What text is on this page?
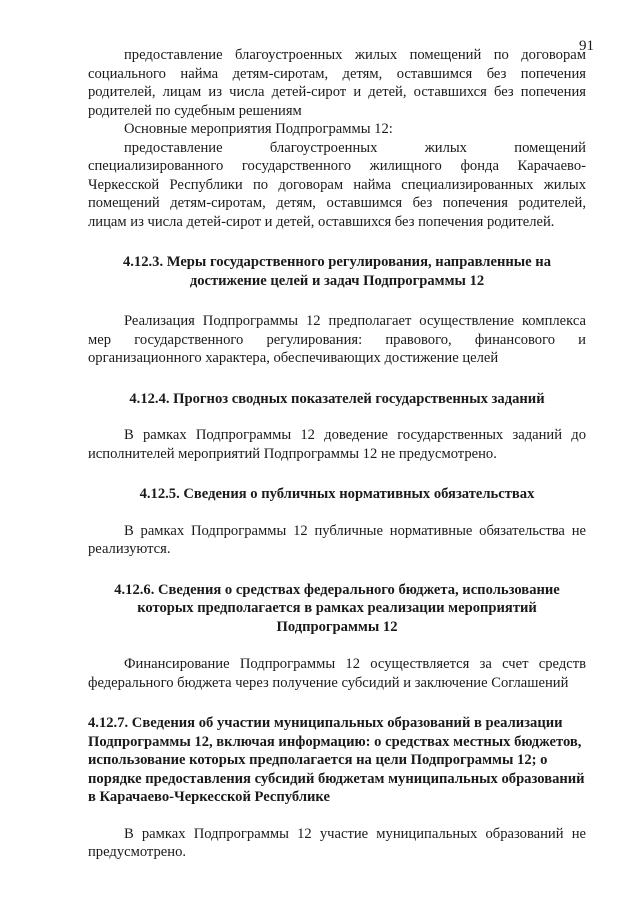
91

предоставление благоустроенных жилых помещений по договорам социального найма детям-сиротам, детям, оставшимся без попечения родителей, лицам из числа детей-сирот и детей, оставшихся без попечения родителей по судебным решениям

Основные мероприятия Подпрограммы 12:

предоставление благоустроенных жилых помещений специализированного государственного жилищного фонда Карачаево-Черкесской Республики по договорам найма специализированных жилых помещений детям-сиротам, детям, оставшимся без попечения родителей, лицам из числа детей-сирот и детей, оставшихся без попечения родителей.

4.12.3. Меры государственного регулирования, направленные на достижение целей и задач Подпрограммы 12

Реализация Подпрограммы 12 предполагает осуществление комплекса мер государственного регулирования: правового, финансового и организационного характера, обеспечивающих достижение целей

4.12.4. Прогноз сводных показателей государственных заданий

В рамках Подпрограммы 12 доведение государственных заданий до исполнителей мероприятий Подпрограммы 12 не предусмотрено.

4.12.5. Сведения о публичных нормативных обязательствах

В рамках Подпрограммы 12 публичные нормативные обязательства не реализуются.

4.12.6. Сведения о средствах федерального бюджета, использование которых предполагается в рамках реализации мероприятий Подпрограммы 12

Финансирование Подпрограммы 12 осуществляется за счет средств федерального бюджета через получение субсидий и заключение Соглашений

4.12.7. Сведения об участии муниципальных образований в реализации Подпрограммы 12, включая информацию: о средствах местных бюджетов, использование которых предполагается на цели Подпрограммы 12; о порядке предоставления субсидий бюджетам муниципальных образований в Карачаево-Черкесской Республике

В рамках Подпрограммы 12 участие муниципальных образований не предусмотрено.
